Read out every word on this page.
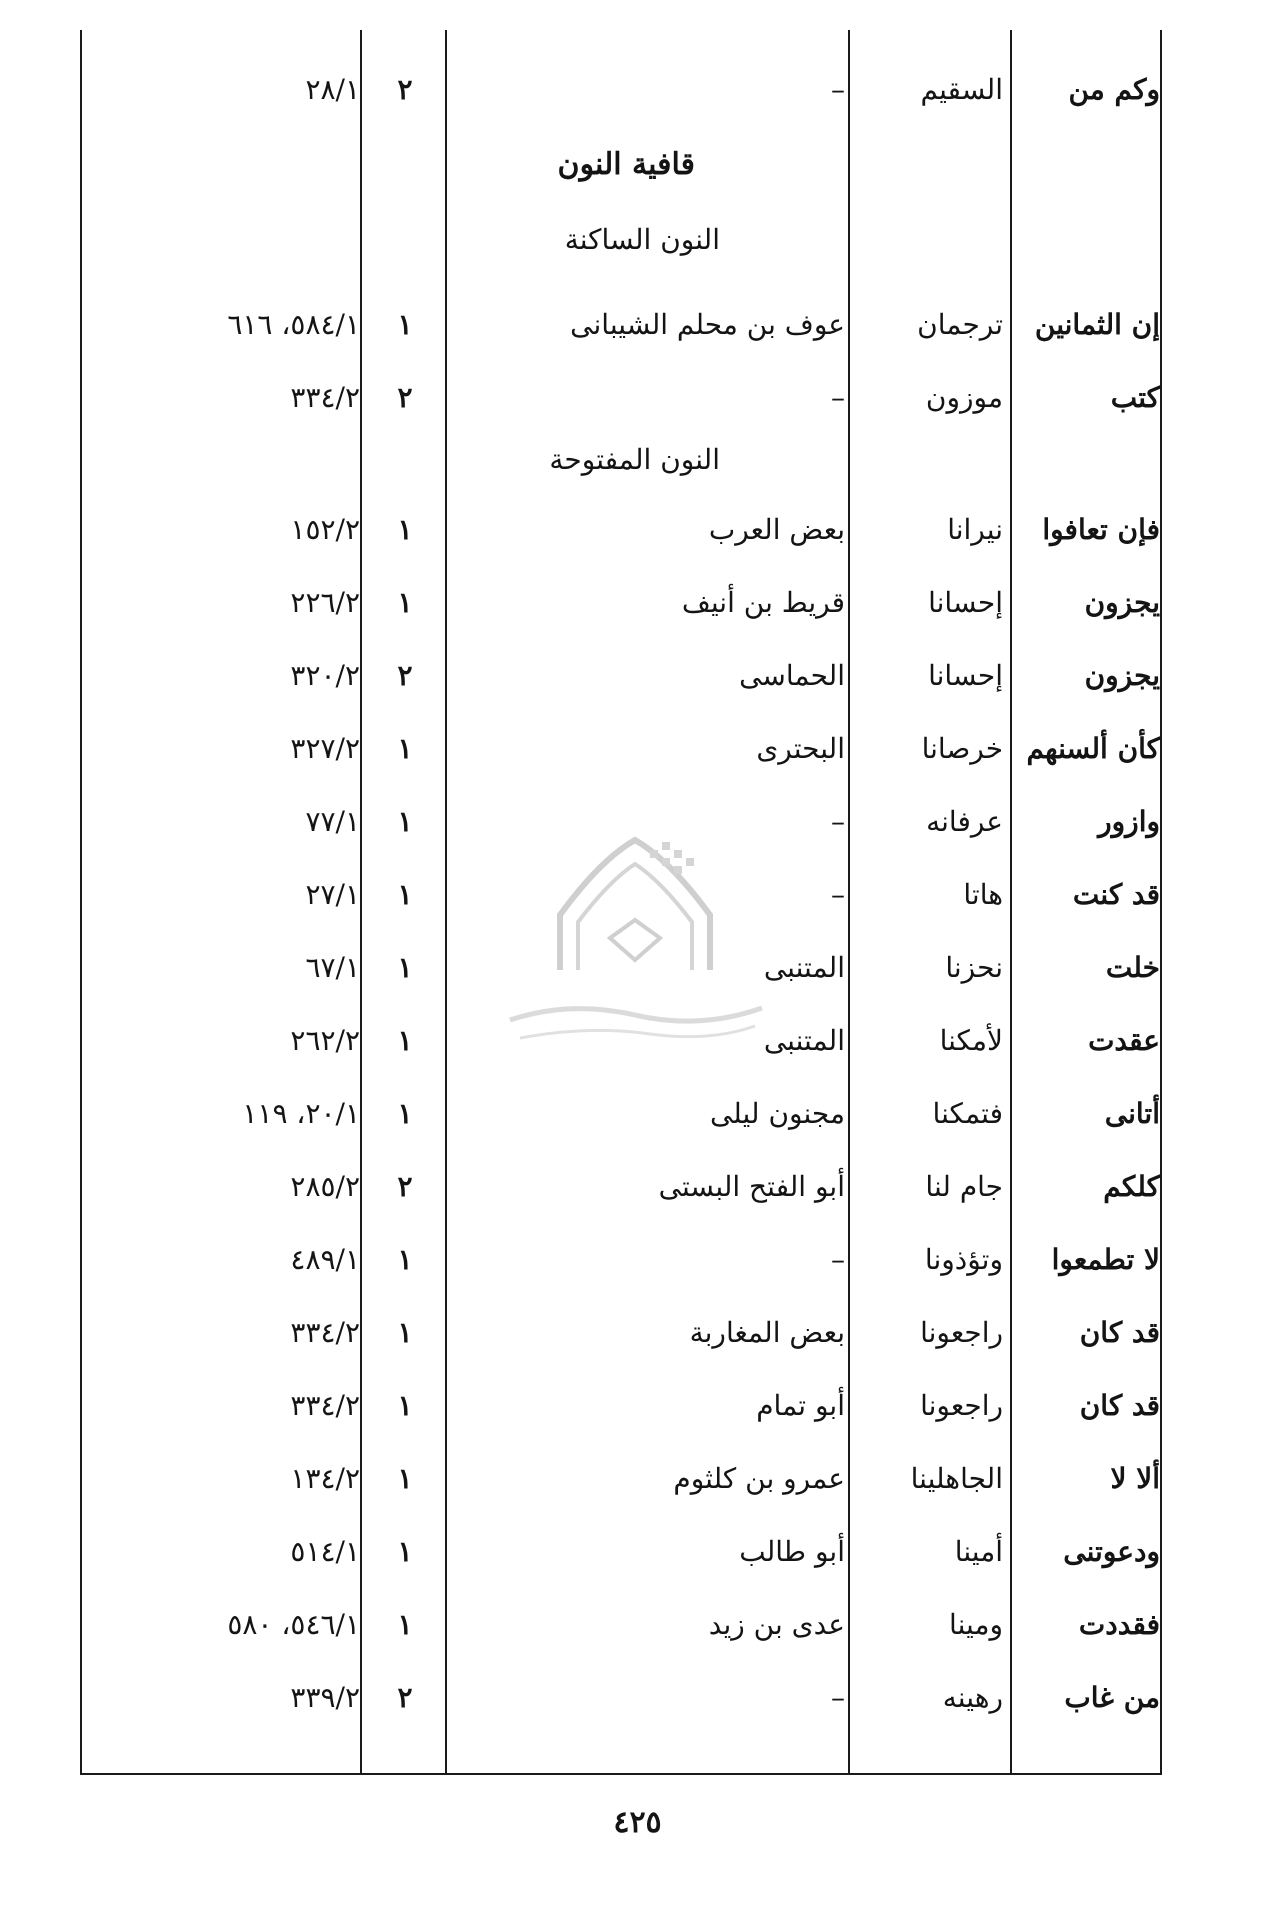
وكم من
السقيم
–
٢
٢٨/١
قافية النون
النون الساكنة
إن الثمانين
ترجمان
عوف بن محلم الشيبانى
١
٥٨٤/١، ٦١٦
كتب
موزون
–
٢
٣٣٤/٢
النون المفتوحة
فإن تعافوا
نيرانا
بعض العرب
١
١٥٢/٢
يجزون
إحسانا
قريط بن أنيف
١
٢٢٦/٢
يجزون
إحسانا
الحماسى
٢
٣٢٠/٢
كأن ألسنهم
خرصانا
البحترى
١
٣٢٧/٢
وازور
عرفانه
–
١
٧٧/١
قد كنت
هاتا
–
١
٢٧/١
خلت
نحزنا
المتنبى
١
٦٧/١
عقدت
لأمكنا
المتنبى
١
٢٦٢/٢
أتانى
فتمكنا
مجنون ليلى
١
٢٠/١، ١١٩
كلكم
جام لنا
أبو الفتح البستى
٢
٢٨٥/٢
لا تطمعوا
وتؤذونا
–
١
٤٨٩/١
قد كان
راجعونا
بعض المغاربة
١
٣٣٤/٢
قد كان
راجعونا
أبو تمام
١
٣٣٤/٢
ألا لا
الجاهلينا
عمرو بن كلثوم
١
١٣٤/٢
ودعوتنى
أمينا
أبو طالب
١
٥١٤/١
فقددت
ومينا
عدى بن زيد
١
٥٤٦/١، ٥٨٠
من غاب
رهينه
–
٢
٣٣٩/٢
٤٢٥
